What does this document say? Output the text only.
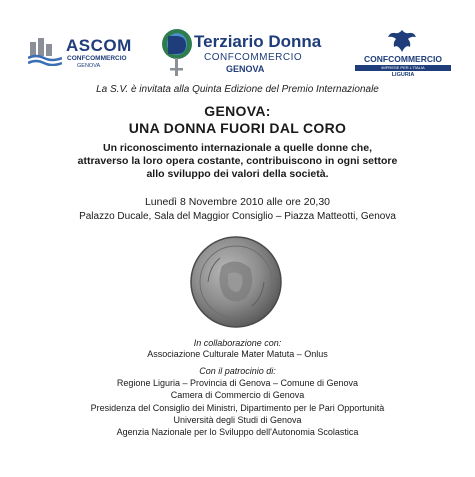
ASCOM
CONFCOMMERCIO
GENOVA
Terziario Donna
CONFCOMMERCIO
GENOVA
CONFCOMMERCIO
IMPRESE PER L'ITALIA
LIGURIA
La S.V. è invitata alla Quinta Edizione del Premio Internazionale
GENOVA:
UNA DONNA FUORI DAL CORO
Un riconoscimento internazionale a quelle donne che,
attraverso la loro opera costante, contribuiscono in ogni settore
allo sviluppo dei valori della società.
Lunedì 8 Novembre 2010 alle ore 20,30
Palazzo Ducale, Sala del Maggior Consiglio – Piazza Matteotti, Genova
In collaborazione con:
Associazione Culturale Mater Matuta – Onlus
Con il patrocinio di:
Regione Liguria – Provincia di Genova – Comune di Genova
Camera di Commercio di Genova
Presidenza del Consiglio dei Ministri, Dipartimento per le Pari Opportunità
Università degli Studi di Genova
Agenzia Nazionale per lo Sviluppo dell'Autonomia Scolastica
